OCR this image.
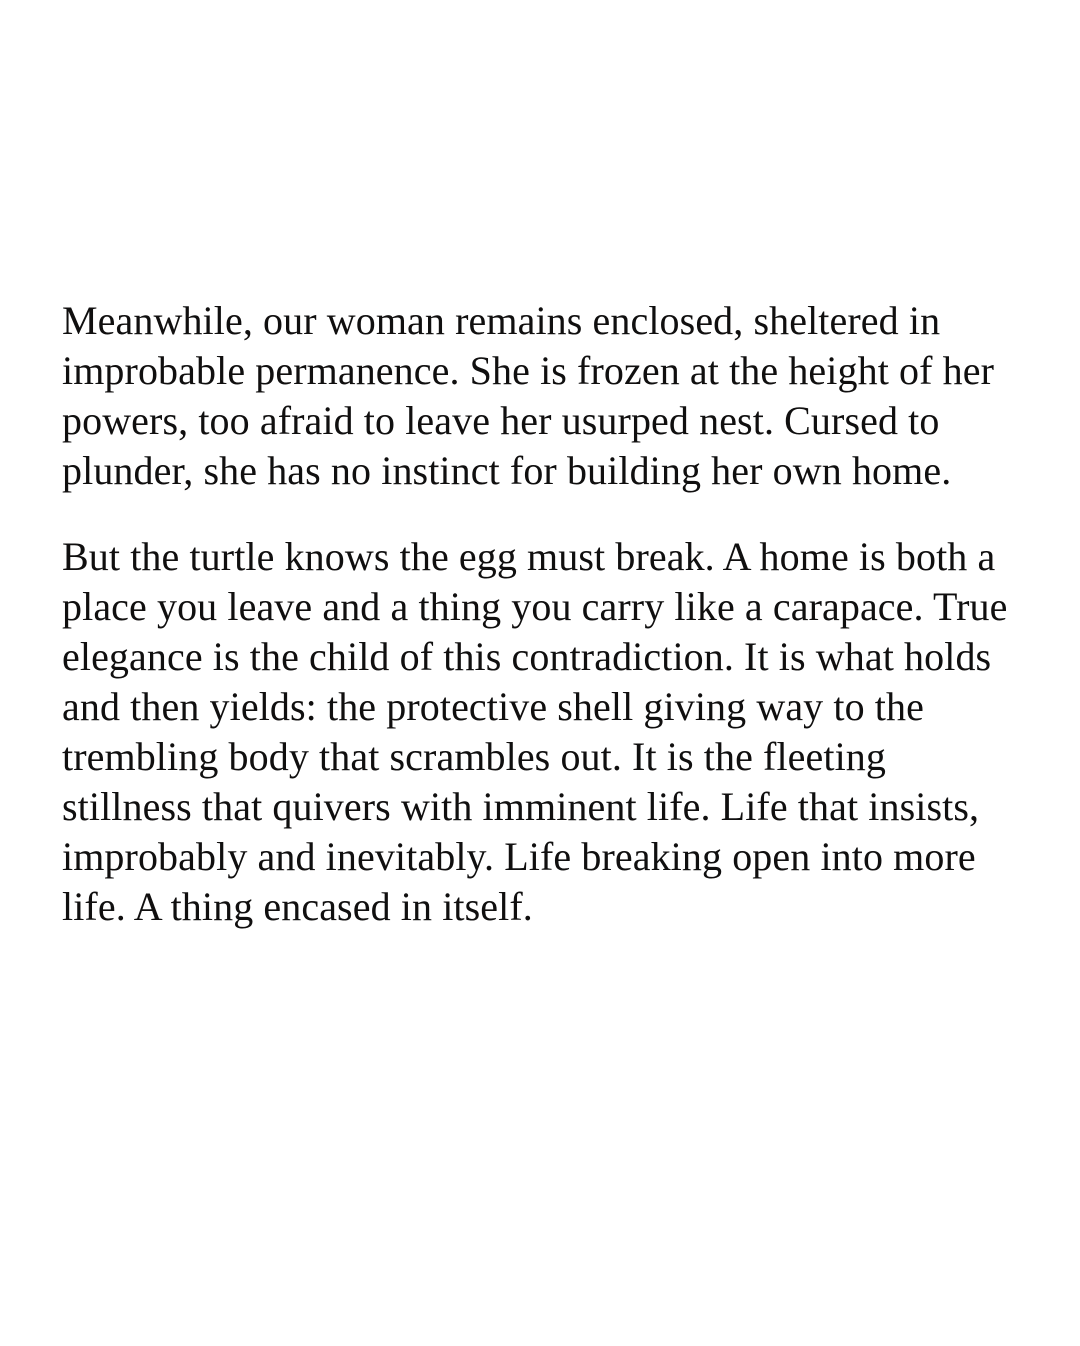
Meanwhile, our woman remains enclosed, sheltered in improbable permanence. She is frozen at the height of her powers, too afraid to leave her usurped nest. Cursed to plunder, she has no instinct for building her own home.

But the turtle knows the egg must break. A home is both a place you leave and a thing you carry like a carapace. True elegance is the child of this contradiction. It is what holds and then yields: the protective shell giving way to the trembling body that scrambles out. It is the fleeting stillness that quivers with imminent life. Life that insists, improbably and inevitably. Life breaking open into more life. A thing encased in itself.
